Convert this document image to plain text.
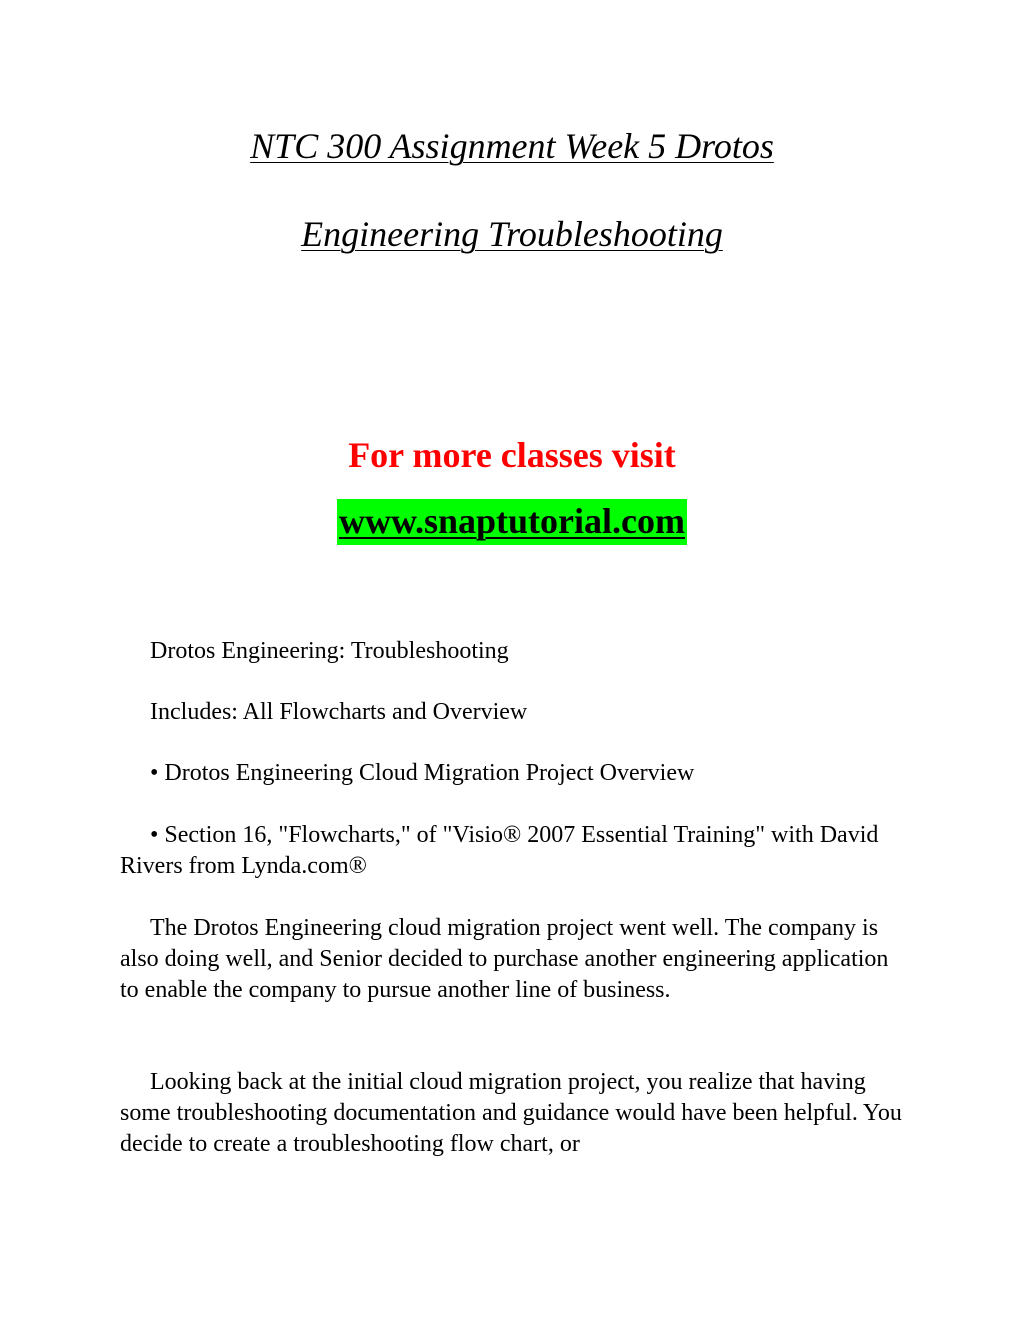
NTC 300 Assignment Week 5 Drotos
Engineering Troubleshooting
For more classes visit
www.snaptutorial.com

Drotos Engineering: Troubleshooting

Includes: All Flowcharts and Overview

• Drotos Engineering Cloud Migration Project Overview

• Section 16, "Flowcharts," of "Visio® 2007 Essential Training" with David Rivers from Lynda.com®

The Drotos Engineering cloud migration project went well. The company is also doing well, and Senior decided to purchase another engineering application to enable the company to pursue another line of business.

Looking back at the initial cloud migration project, you realize that having some troubleshooting documentation and guidance would have been helpful. You decide to create a troubleshooting flow chart, or
